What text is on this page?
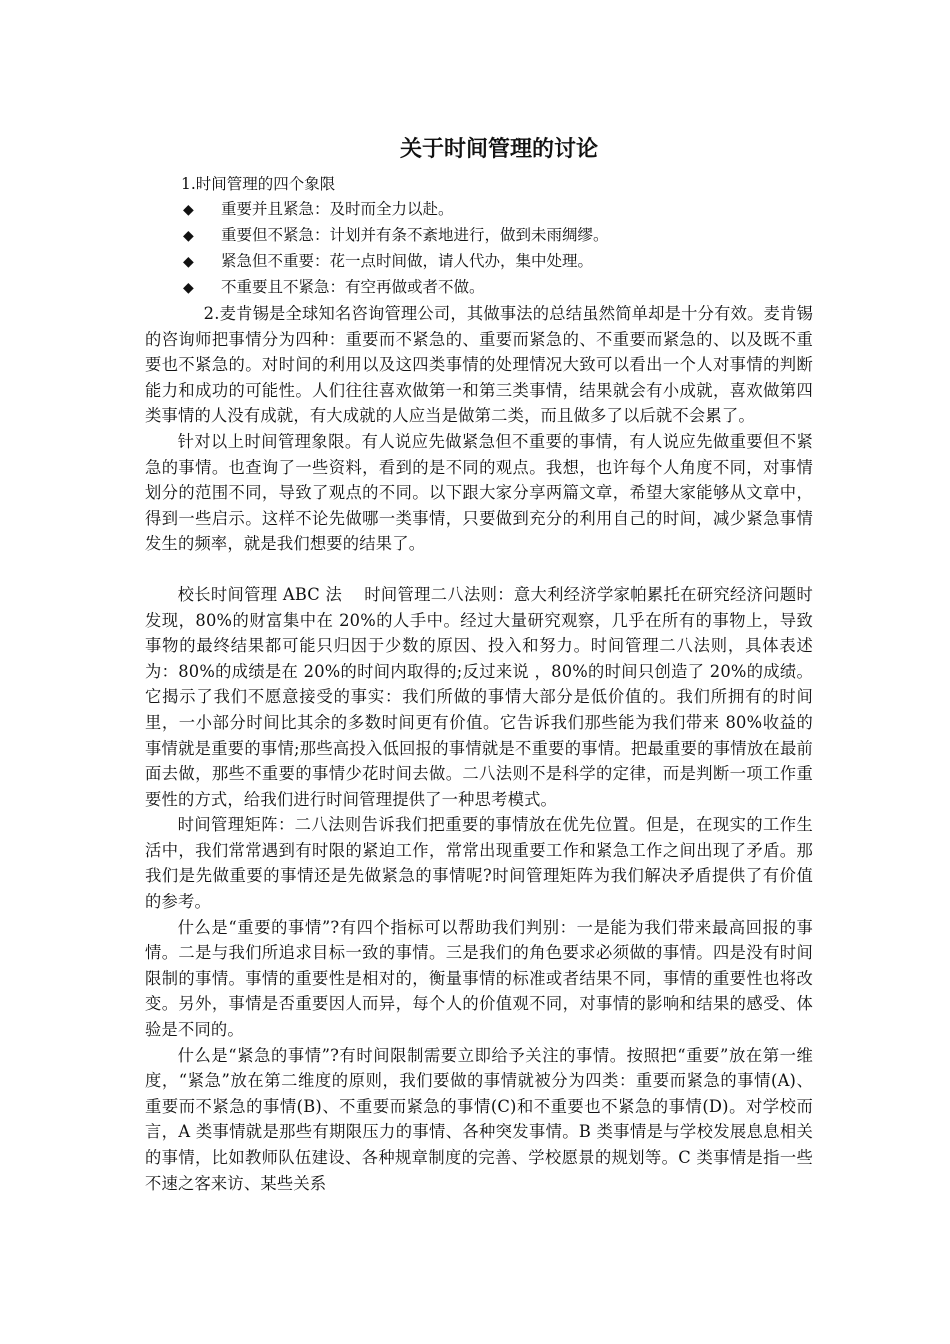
关于时间管理的讨论

1.时间管理的四个象限

◆	重要并且紧急：及时而全力以赴。
◆	重要但不紧急：计划并有条不紊地进行，做到未雨绸缪。
◆	紧急但不重要：花一点时间做，请人代办，集中处理。
◆	不重要且不紧急：有空再做或者不做。

2.麦肯锡是全球知名咨询管理公司，其做事法的总结虽然简单却是十分有效。麦肯锡的咨询师把事情分为四种：重要而不紧急的、重要而紧急的、不重要而紧急的、以及既不重要也不紧急的。对时间的利用以及这四类事情的处理情况大致可以看出一个人对事情的判断能力和成功的可能性。人们往往喜欢做第一和第三类事情，结果就会有小成就，喜欢做第四类事情的人没有成就，有大成就的人应当是做第二类，而且做多了以后就不会累了。

针对以上时间管理象限。有人说应先做紧急但不重要的事情，有人说应先做重要但不紧急的事情。也查询了一些资料，看到的是不同的观点。我想，也许每个人角度不同，对事情划分的范围不同，导致了观点的不同。以下跟大家分享两篇文章，希望大家能够从文章中，得到一些启示。这样不论先做哪一类事情，只要做到充分的利用自己的时间，减少紧急事情发生的频率，就是我们想要的结果了。

校长时间管理 ABC 法　 时间管理二八法则：意大利经济学家帕累托在研究经济问题时发现，80%的财富集中在 20%的人手中。经过大量研究观察，几乎在所有的事物上，导致事物的最终结果都可能只归因于少数的原因、投入和努力。时间管理二八法则，具体表述为：80%的成绩是在 20%的时间内取得的;反过来说 ，80%的时间只创造了 20%的成绩。它揭示了我们不愿意接受的事实：我们所做的事情大部分是低价值的。我们所拥有的时间里，一小部分时间比其余的多数时间更有价值。它告诉我们那些能为我们带来 80%收益的事情就是重要的事情;那些高投入低回报的事情就是不重要的事情。把最重要的事情放在最前面去做，那些不重要的事情少花时间去做。二八法则不是科学的定律，而是判断一项工作重要性的方式，给我们进行时间管理提供了一种思考模式。

时间管理矩阵：二八法则告诉我们把重要的事情放在优先位置。但是，在现实的工作生活中，我们常常遇到有时限的紧迫工作，常常出现重要工作和紧急工作之间出现了矛盾。那我们是先做重要的事情还是先做紧急的事情呢?时间管理矩阵为我们解决矛盾提供了有价值的参考。

什么是“重要的事情”?有四个指标可以帮助我们判别：一是能为我们带来最高回报的事情。二是与我们所追求目标一致的事情。三是我们的角色要求必须做的事情。四是没有时间限制的事情。事情的重要性是相对的，衡量事情的标准或者结果不同，事情的重要性也将改变。另外，事情是否重要因人而异，每个人的价值观不同，对事情的影响和结果的感受、体验是不同的。

什么是“紧急的事情”?有时间限制需要立即给予关注的事情。按照把“重要”放在第一维度，“紧急”放在第二维度的原则，我们要做的事情就被分为四类：重要而紧急的事情(A)、重要而不紧急的事情(B)、不重要而紧急的事情(C)和不重要也不紧急的事情(D)。对学校而言，A 类事情就是那些有期限压力的事情、各种突发事情。B 类事情是与学校发展息息相关的事情，比如教师队伍建设、各种规章制度的完善、学校愿景的规划等。C 类事情是指一些不速之客来访、某些关系
